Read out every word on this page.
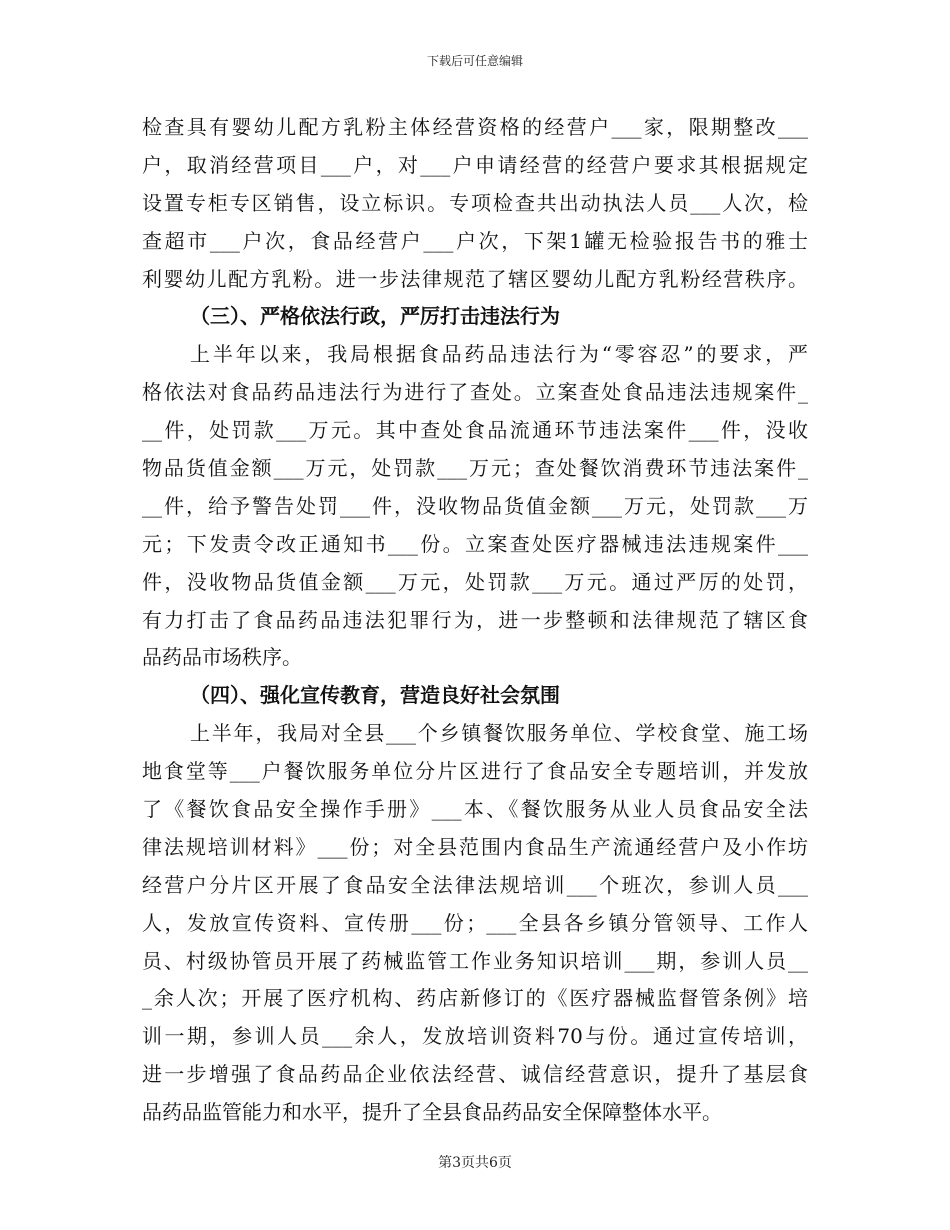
下载后可任意编辑
检查具有婴幼儿配方乳粉主体经营资格的经营户___家，限期整改___
户，取消经营项目___户，对___户申请经营的经营户要求其根据规定
设置专柜专区销售，设立标识。专项检查共出动执法人员___人次，检
查超市___户次，食品经营户___户次，下架1罐无检验报告书的雅士
利婴幼儿配方乳粉。进一步法律规范了辖区婴幼儿配方乳粉经营秩序。
（三）、严格依法行政，严厉打击违法行为
上半年以来，我局根据食品药品违法行为“零容忍”的要求，严
格依法对食品药品违法行为进行了查处。立案查处食品违法违规案件_
__件，处罚款___万元。其中查处食品流通环节违法案件___件，没收
物品货值金额___万元，处罚款___万元；查处餐饮消费环节违法案件_
__件，给予警告处罚___件，没收物品货值金额___万元，处罚款___万
元；下发责令改正通知书___份。立案查处医疗器械违法违规案件___
件，没收物品货值金额___万元，处罚款___万元。通过严厉的处罚，
有力打击了食品药品违法犯罪行为，进一步整顿和法律规范了辖区食
品药品市场秩序。
（四）、强化宣传教育，营造良好社会氛围
上半年，我局对全县___个乡镇餐饮服务单位、学校食堂、施工场
地食堂等___户餐饮服务单位分片区进行了食品安全专题培训，并发放
了《餐饮食品安全操作手册》___本、《餐饮服务从业人员食品安全法
律法规培训材料》___份；对全县范围内食品生产流通经营户及小作坊
经营户分片区开展了食品安全法律法规培训___个班次，参训人员___
人，发放宣传资料、宣传册___份；___全县各乡镇分管领导、工作人
员、村级协管员开展了药械监管工作业务知识培训___期，参训人员__
_余人次；开展了医疗机构、药店新修订的《医疗器械监督管条例》培
训一期，参训人员___余人，发放培训资料70与份。通过宣传培训，
进一步增强了食品药品企业依法经营、诚信经营意识，提升了基层食
品药品监管能力和水平，提升了全县食品药品安全保障整体水平。
第3页共6页
